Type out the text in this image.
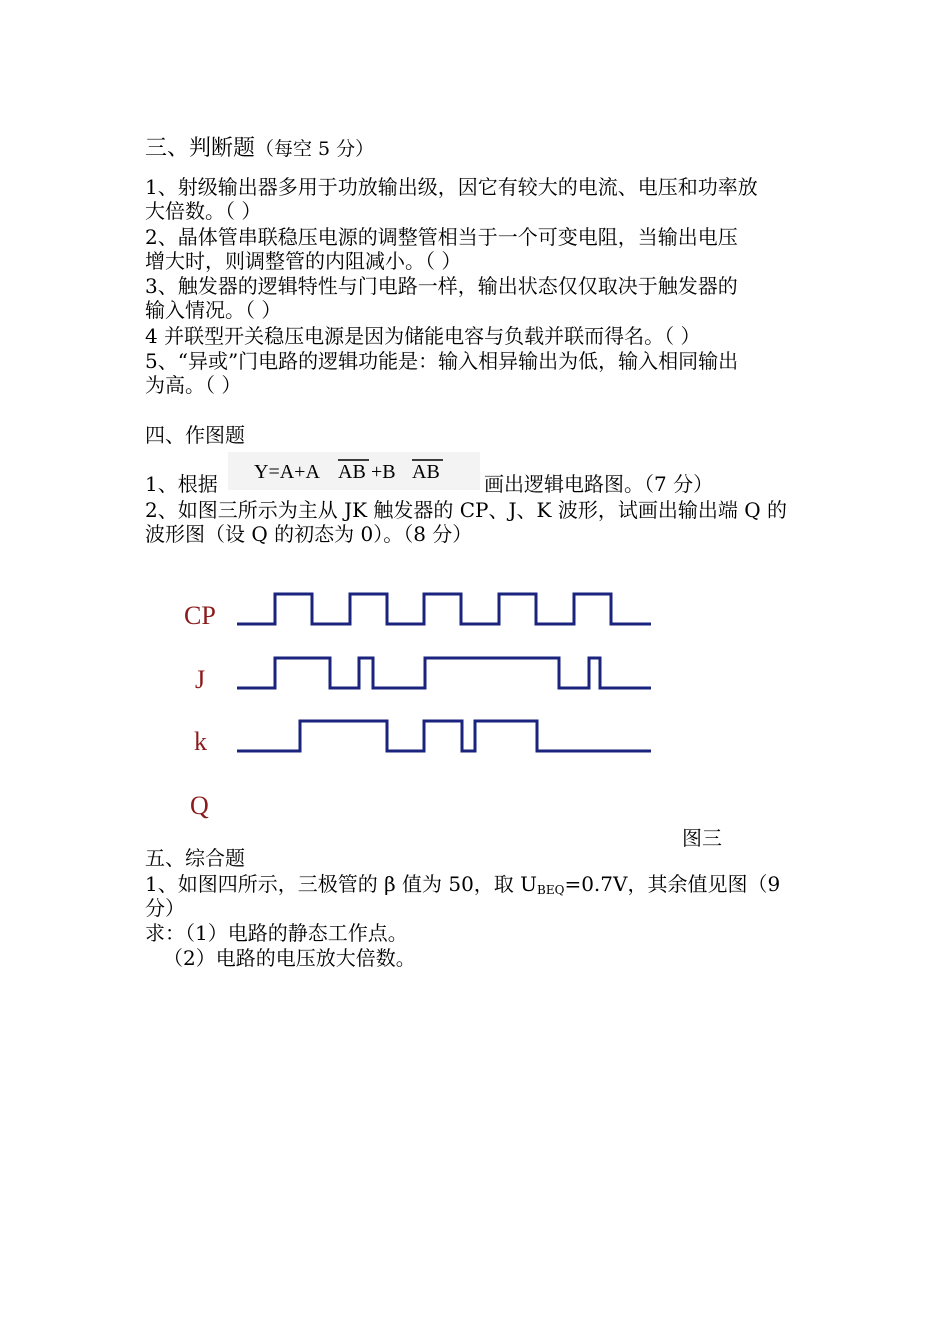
三、判断题（每空 5 分）
1、射级输出器多用于功放输出级，因它有较大的电流、电压和功率放
大倍数。（ ）
2、晶体管串联稳压电源的调整管相当于一个可变电阻，当输出电压
增大时，则调整管的内阻减小。（ ）
3、触发器的逻辑特性与门电路一样，输出状态仅仅取决于触发器的
输入情况。（ ）
4 并联型开关稳压电源是因为储能电容与负载并联而得名。（ ）
5、“异或”门电路的逻辑功能是：输入相异输出为低，输入相同输出
为高。（ ）
四、作图题
1、根据	Y=A+A AB +B AB 画出逻辑电路图。（7 分）
2、如图三所示为主从 JK 触发器的 CP、J、K 波形，试画出输出端 Q 的
波形图（设 Q 的初态为 0）。（8 分）
CP
J
k
Q
图三
五、综合题
1、如图四所示，三极管的 β 值为 50，取 $U_{BEQ}=0.7V$，其余值见图（9
分）
求：（1）电路的静态工作点。
（2）电路的电压放大倍数。
